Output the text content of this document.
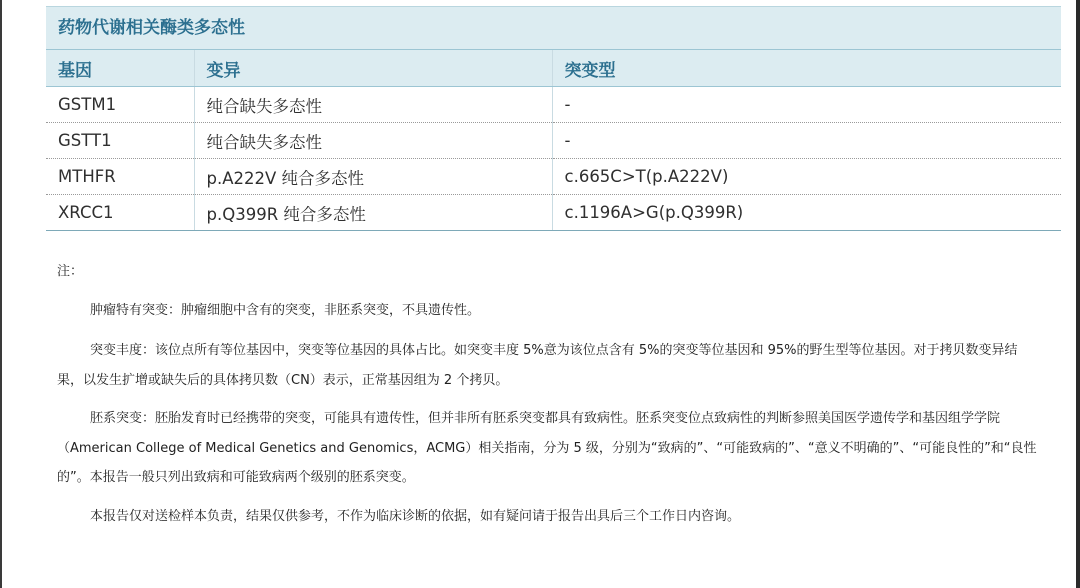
药物代谢相关酶类多态性
基因	变异	突变型
GSTM1	纯合缺失多态性	-
GSTT1	纯合缺失多态性	-
MTHFR	p.A222V 纯合多态性	c.665C>T(p.A222V)
XRCC1	p.Q399R 纯合多态性	c.1196A>G(p.Q399R)

注：

肿瘤特有突变：肿瘤细胞中含有的突变，非胚系突变，不具遗传性。

突变丰度：该位点所有等位基因中，突变等位基因的具体占比。如突变丰度 5%意为该位点含有 5%的突变等位基因和 95%的野生型等位基因。对于拷贝数变异结果，以发生扩增或缺失后的具体拷贝数（CN）表示，正常基因组为 2 个拷贝。

胚系突变：胚胎发育时已经携带的突变，可能具有遗传性，但并非所有胚系突变都具有致病性。胚系突变位点致病性的判断参照美国医学遗传学和基因组学学院（American College of Medical Genetics and Genomics，ACMG）相关指南，分为 5 级，分别为“致病的”、“可能致病的”、“意义不明确的”、“可能良性的”和“良性的”。本报告一般只列出致病和可能致病两个级别的胚系突变。

本报告仅对送检样本负责，结果仅供参考，不作为临床诊断的依据，如有疑问请于报告出具后三个工作日内咨询。
